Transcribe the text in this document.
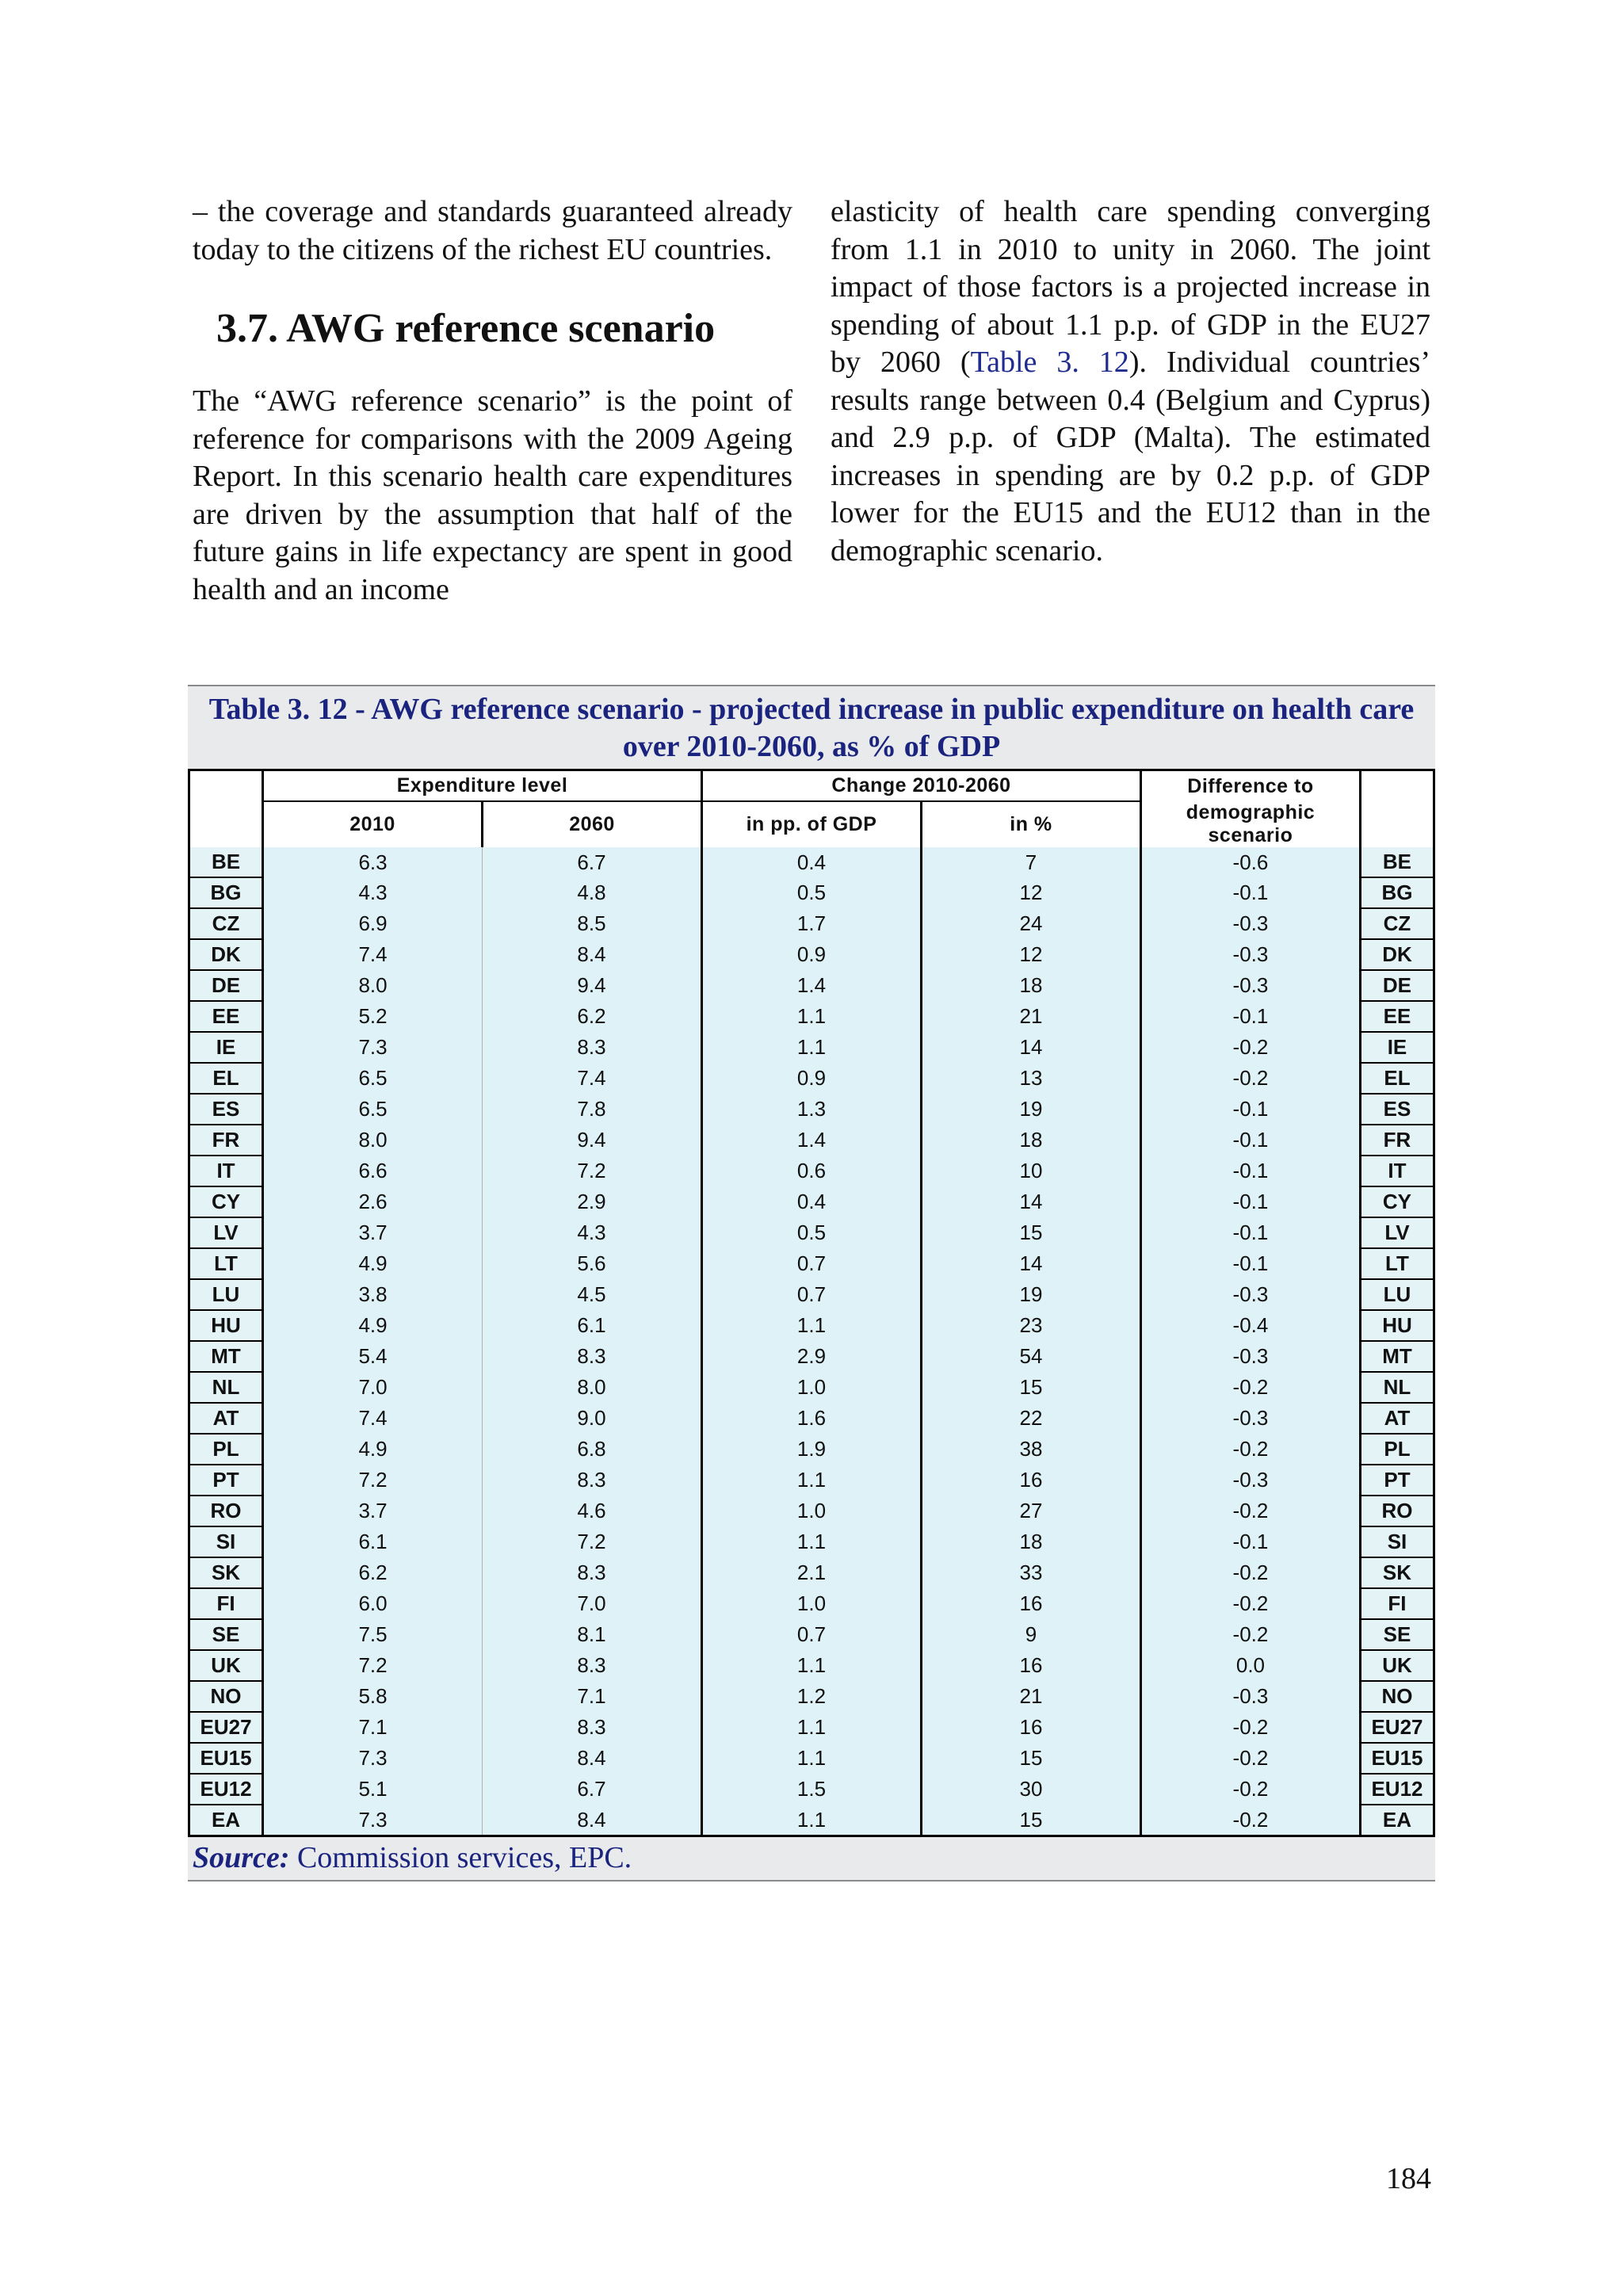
– the coverage and standards guaranteed already today to the citizens of the richest EU countries.

3.7. AWG reference scenario

The “AWG reference scenario” is the point of reference for comparisons with the 2009 Ageing Report. In this scenario health care expenditures are driven by the assumption that half of the future gains in life expectancy are spent in good health and an income

elasticity of health care spending converging from 1.1 in 2010 to unity in 2060. The joint impact of those factors is a projected increase in spending of about 1.1 p.p. of GDP in the EU27 by 2060 (Table 3. 12). Individual countries’ results range between 0.4 (Belgium and Cyprus) and 2.9 p.p. of GDP (Malta). The estimated increases in spending are by 0.2 p.p. of GDP lower for the EU15 and the EU12 than in the demographic scenario.

Table 3. 12 - AWG reference scenario - projected increase in public expenditure on health care over 2010-2060, as % of GDP
	Expenditure level		Change 2010-2060		Difference to	
	2010	2060	in pp. of GDP	in %	demographic scenario	
BE	6.3	6.7	0.4	7	-0.6	BE
BG	4.3	4.8	0.5	12	-0.1	BG
CZ	6.9	8.5	1.7	24	-0.3	CZ
DK	7.4	8.4	0.9	12	-0.3	DK
DE	8.0	9.4	1.4	18	-0.3	DE
EE	5.2	6.2	1.1	21	-0.1	EE
IE	7.3	8.3	1.1	14	-0.2	IE
EL	6.5	7.4	0.9	13	-0.2	EL
ES	6.5	7.8	1.3	19	-0.1	ES
FR	8.0	9.4	1.4	18	-0.1	FR
IT	6.6	7.2	0.6	10	-0.1	IT
CY	2.6	2.9	0.4	14	-0.1	CY
LV	3.7	4.3	0.5	15	-0.1	LV
LT	4.9	5.6	0.7	14	-0.1	LT
LU	3.8	4.5	0.7	19	-0.3	LU
HU	4.9	6.1	1.1	23	-0.4	HU
MT	5.4	8.3	2.9	54	-0.3	MT
NL	7.0	8.0	1.0	15	-0.2	NL
AT	7.4	9.0	1.6	22	-0.3	AT
PL	4.9	6.8	1.9	38	-0.2	PL
PT	7.2	8.3	1.1	16	-0.3	PT
RO	3.7	4.6	1.0	27	-0.2	RO
SI	6.1	7.2	1.1	18	-0.1	SI
SK	6.2	8.3	2.1	33	-0.2	SK
FI	6.0	7.0	1.0	16	-0.2	FI
SE	7.5	8.1	0.7	9	-0.2	SE
UK	7.2	8.3	1.1	16	0.0	UK
NO	5.8	7.1	1.2	21	-0.3	NO
EU27	7.1	8.3	1.1	16	-0.2	EU27
EU15	7.3	8.4	1.1	15	-0.2	EU15
EU12	5.1	6.7	1.5	30	-0.2	EU12
EA	7.3	8.4	1.1	15	-0.2	EA
Source: Commission services, EPC.
184
